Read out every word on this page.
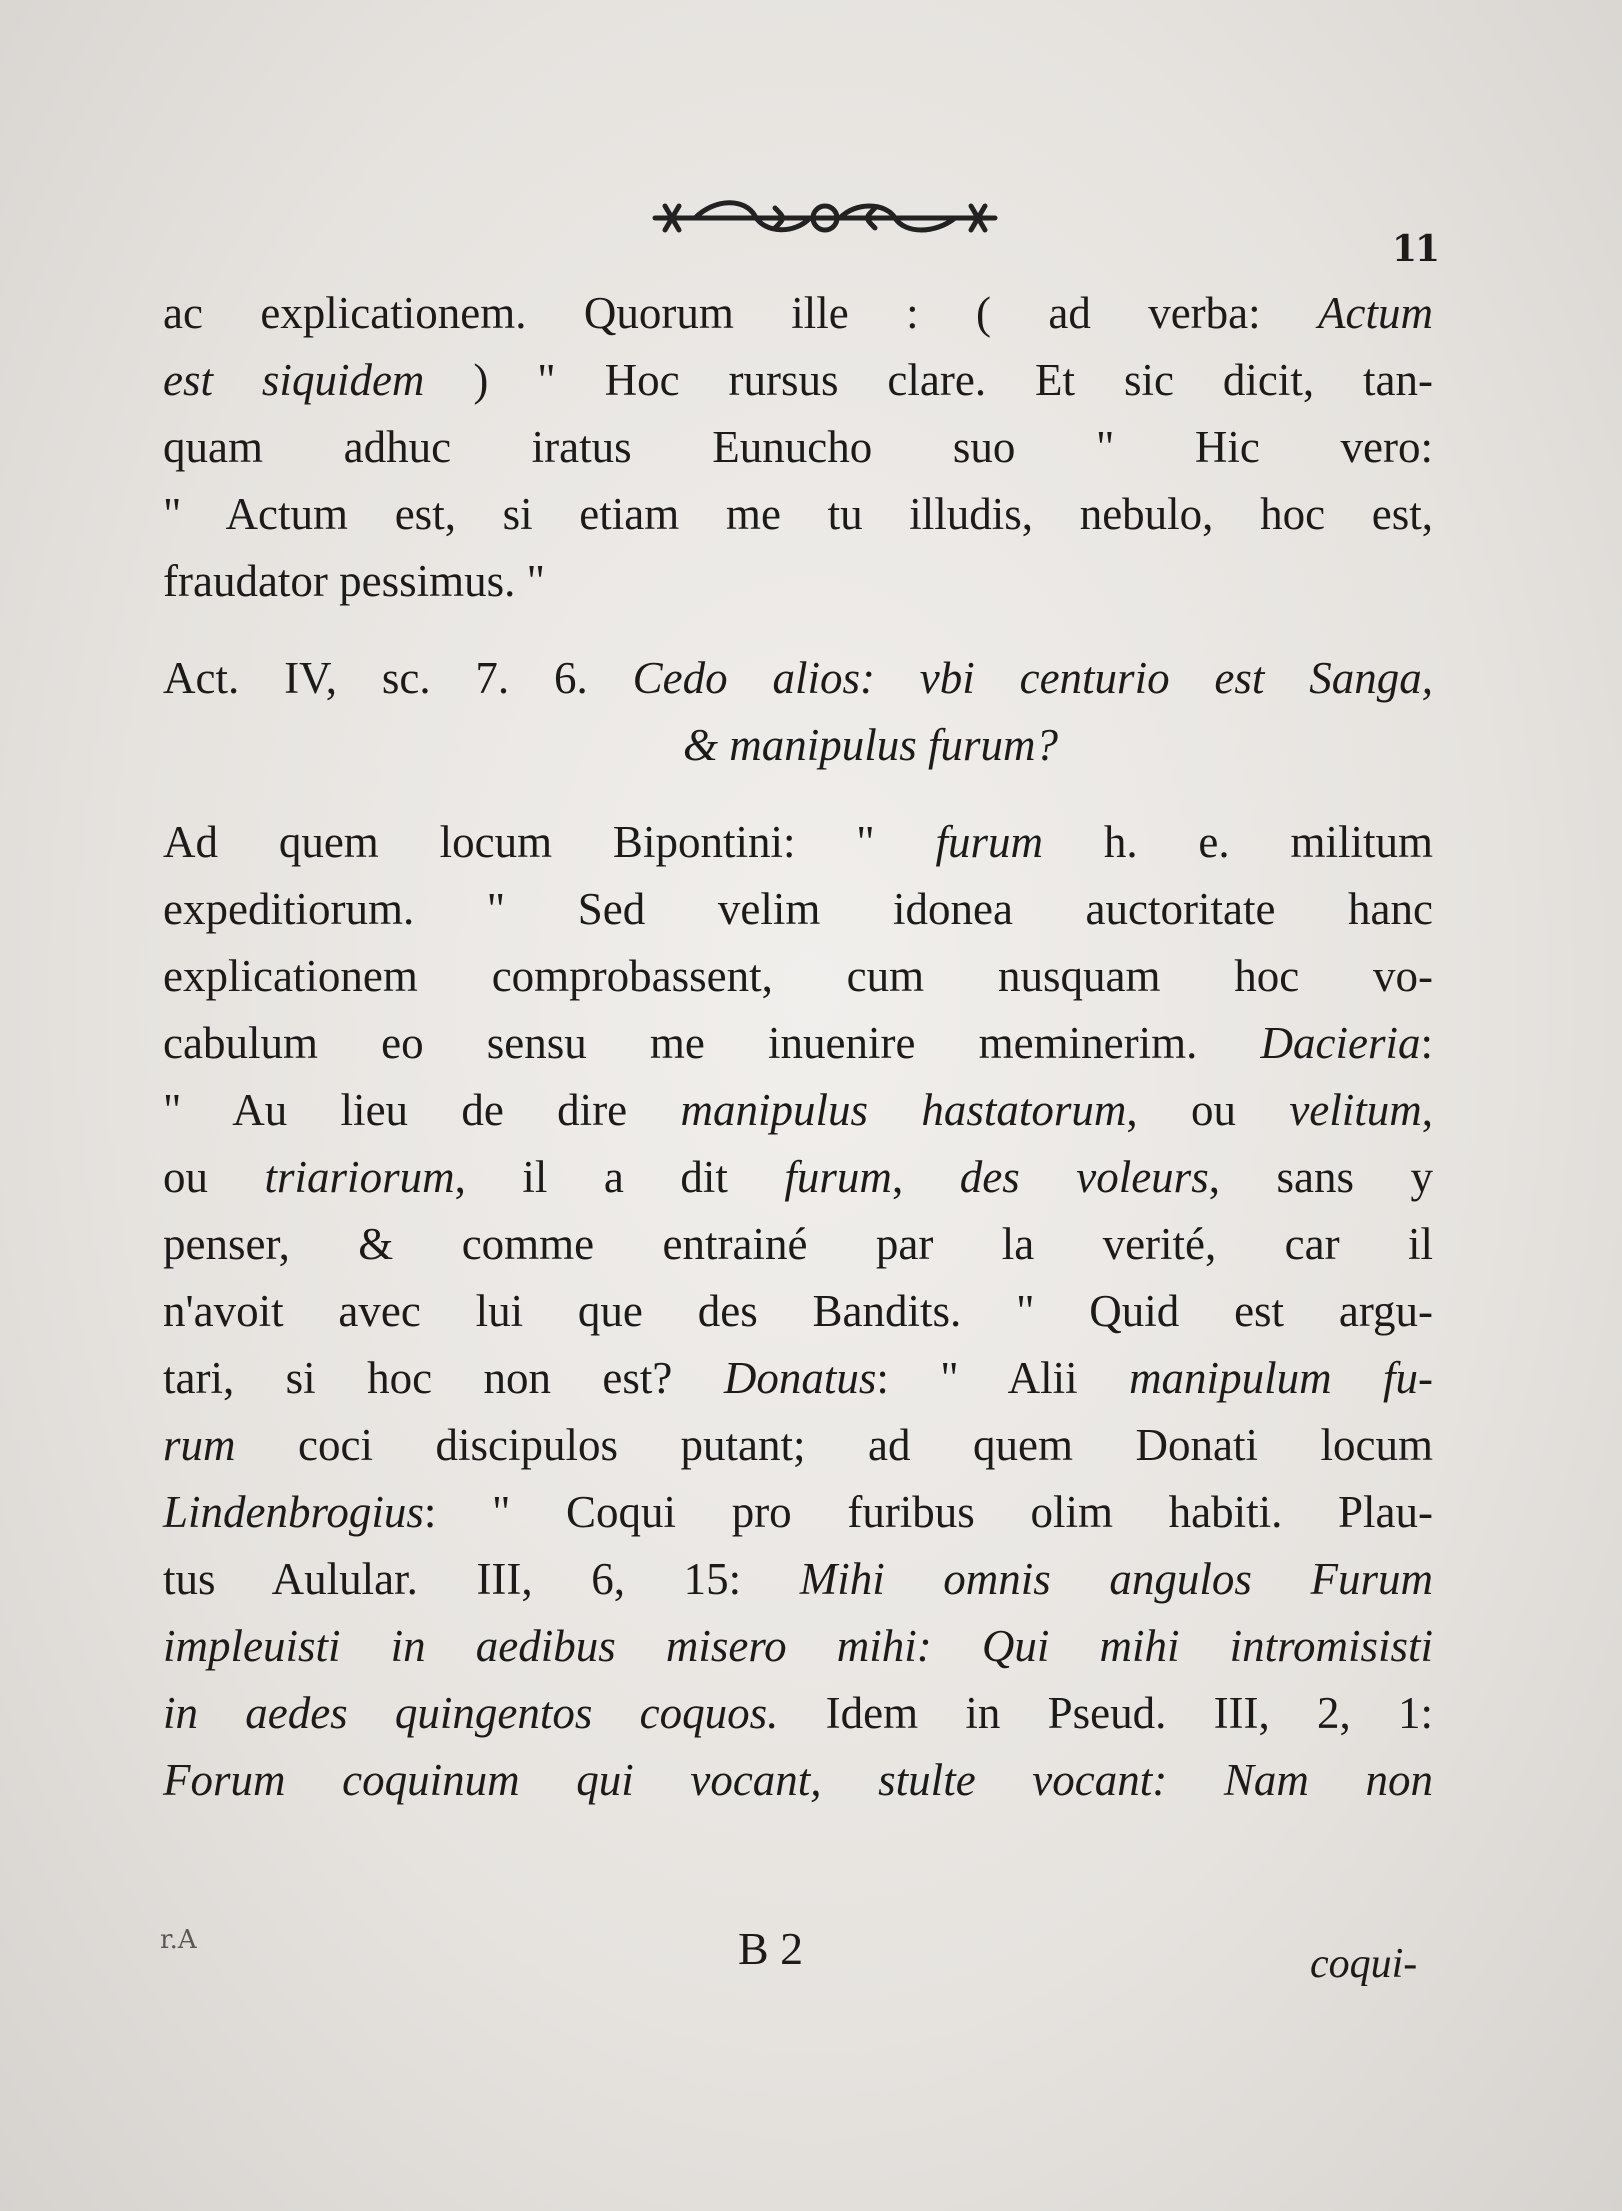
11
ac explicationem. Quorum ille : ( ad verba: Actum
est siquidem ) " Hoc rursus clare. Et sic dicit, tan-
quam adhuc iratus Eunucho suo " Hic vero:
" Actum est, si etiam me tu illudis, nebulo, hoc est,
fraudator pessimus. "
Act. IV, sc. 7. 6. Cedo alios: vbi centurio est Sanga,
& manipulus furum?
Ad quem locum Bipontini: " furum h. e. militum
expeditiorum. " Sed velim idonea auctoritate hanc
explicationem comprobassent, cum nusquam hoc vo-
cabulum eo sensu me inuenire meminerim. Dacieria:
" Au lieu de dire manipulus hastatorum, ou velitum,
ou triariorum, il a dit furum, des voleurs, sans y
penser, & comme entrainé par la verité, car il
n'avoit avec lui que des Bandits. " Quid est argu-
tari, si hoc non est? Donatus: " Alii manipulum fu-
rum coci discipulos putant; ad quem Donati locum
Lindenbrogius: " Coqui pro furibus olim habiti. Plau-
tus Aulular. III, 6, 15: Mihi omnis angulos Furum
impleuisti in aedibus misero mihi: Qui mihi intromisisti
in aedes quingentos coquos. Idem in Pseud. III, 2, 1:
Forum coquinum qui vocant, stulte vocant: Nam non
r.A	B 2	coqui-
